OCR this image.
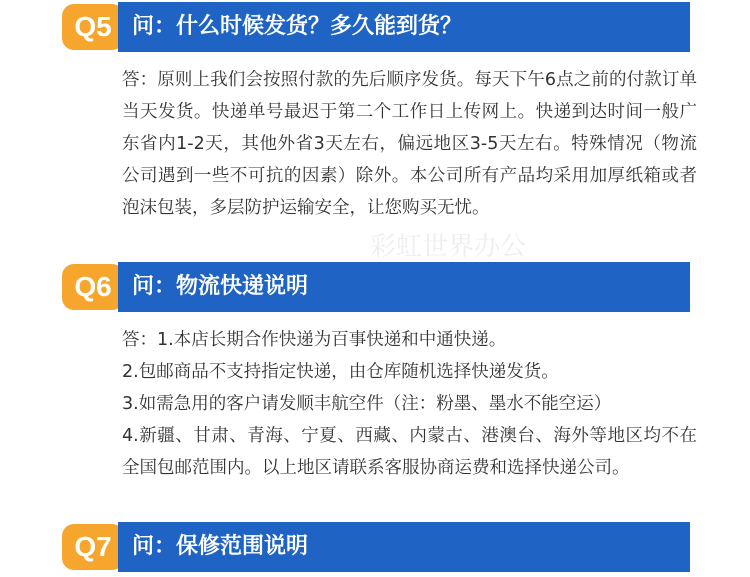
Q5 问：什么时候发货？多久能到货？

答：原则上我们会按照付款的先后顺序发货。每天下午6点之前的付款订单当天发货。快递单号最迟于第二个工作日上传网上。快递到达时间一般广东省内1-2天，其他外省3天左右，偏远地区3-5天左右。特殊情况（物流公司遇到一些不可抗的因素）除外。本公司所有产品均采用加厚纸箱或者泡沫包装，多层防护运输安全，让您购买无忧。

彩虹世界办公
Q6 问：物流快递说明

答：1.本店长期合作快递为百事快递和中通快递。

2.包邮商品不支持指定快递，由仓库随机选择快递发货。

3.如需急用的客户请发顺丰航空件（注：粉墨、墨水不能空运）

4.新疆、甘肃、青海、宁夏、西藏、内蒙古、港澳台、海外等地区均不在全国包邮范围内。以上地区请联系客服协商运费和选择快递公司。

Q7 问：保修范围说明
